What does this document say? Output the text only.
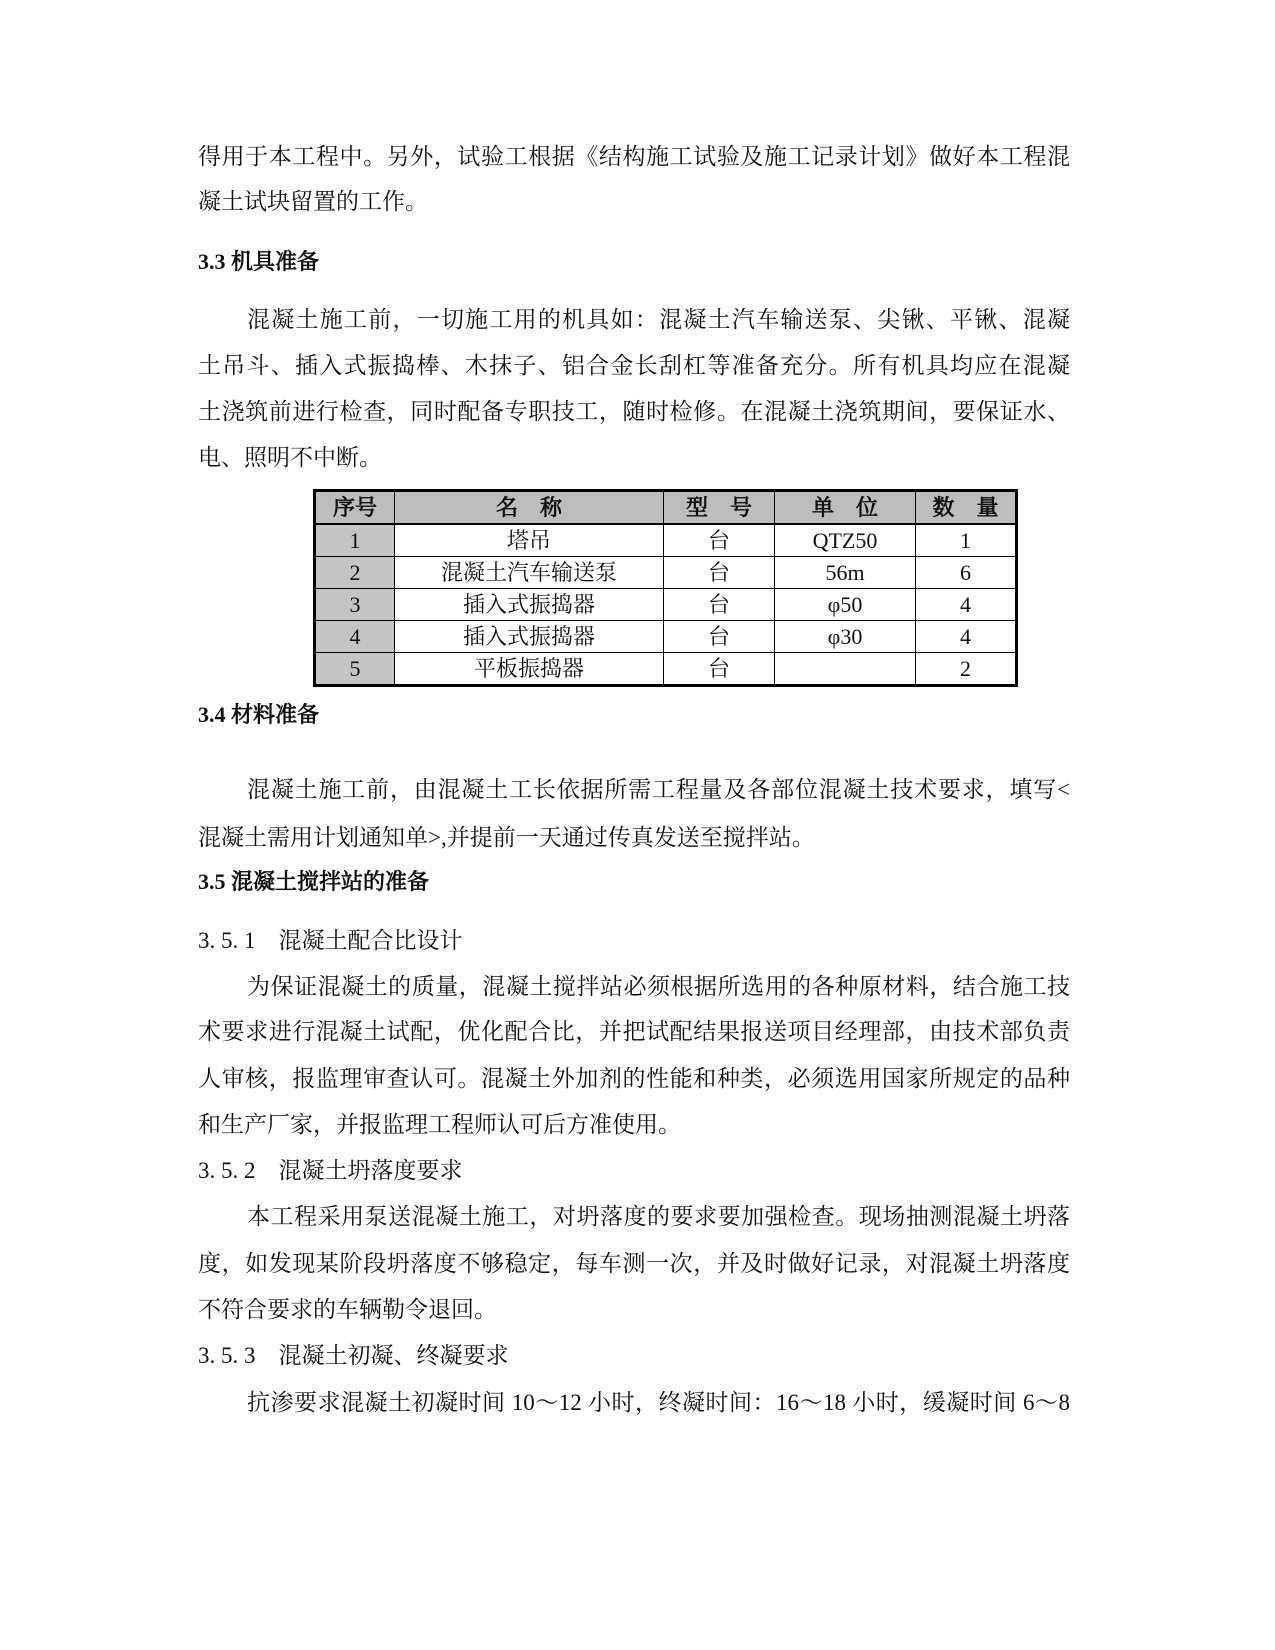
得用于本工程中。另外，试验工根据《结构施工试验及施工记录计划》做好本工程混
凝土试块留置的工作。
3.3 机具准备
混凝土施工前，一切施工用的机具如：混凝土汽车输送泵、尖锹、平锹、混凝
土吊斗、插入式振捣棒、木抹子、铝合金长刮杠等准备充分。所有机具均应在混凝
土浇筑前进行检查，同时配备专职技工，随时检修。在混凝土浇筑期间，要保证水、
电、照明不中断。
序号	名　称	型　号	单　位	数　量
1	塔吊	台	QTZ50	1
2	混凝土汽车输送泵	台	56m	6
3	插入式振捣器	台	φ50	4
4	插入式振捣器	台	φ30	4
5	平板振捣器	台		2
3.4 材料准备
混凝土施工前，由混凝土工长依据所需工程量及各部位混凝土技术要求，填写<
混凝土需用计划通知单>,并提前一天通过传真发送至搅拌站。
3.5 混凝土搅拌站的准备
3. 5. 1　混凝土配合比设计
为保证混凝土的质量，混凝土搅拌站必须根据所选用的各种原材料，结合施工技
术要求进行混凝土试配，优化配合比，并把试配结果报送项目经理部，由技术部负责
人审核，报监理审查认可。混凝土外加剂的性能和种类，必须选用国家所规定的品种
和生产厂家，并报监理工程师认可后方准使用。
3. 5. 2　混凝土坍落度要求
本工程采用泵送混凝土施工，对坍落度的要求要加强检查。现场抽测混凝土坍落
度，如发现某阶段坍落度不够稳定，每车测一次，并及时做好记录，对混凝土坍落度
不符合要求的车辆勒令退回。
3. 5. 3　混凝土初凝、终凝要求
抗渗要求混凝土初凝时间 10～12 小时，终凝时间：16～18 小时，缓凝时间 6～8
